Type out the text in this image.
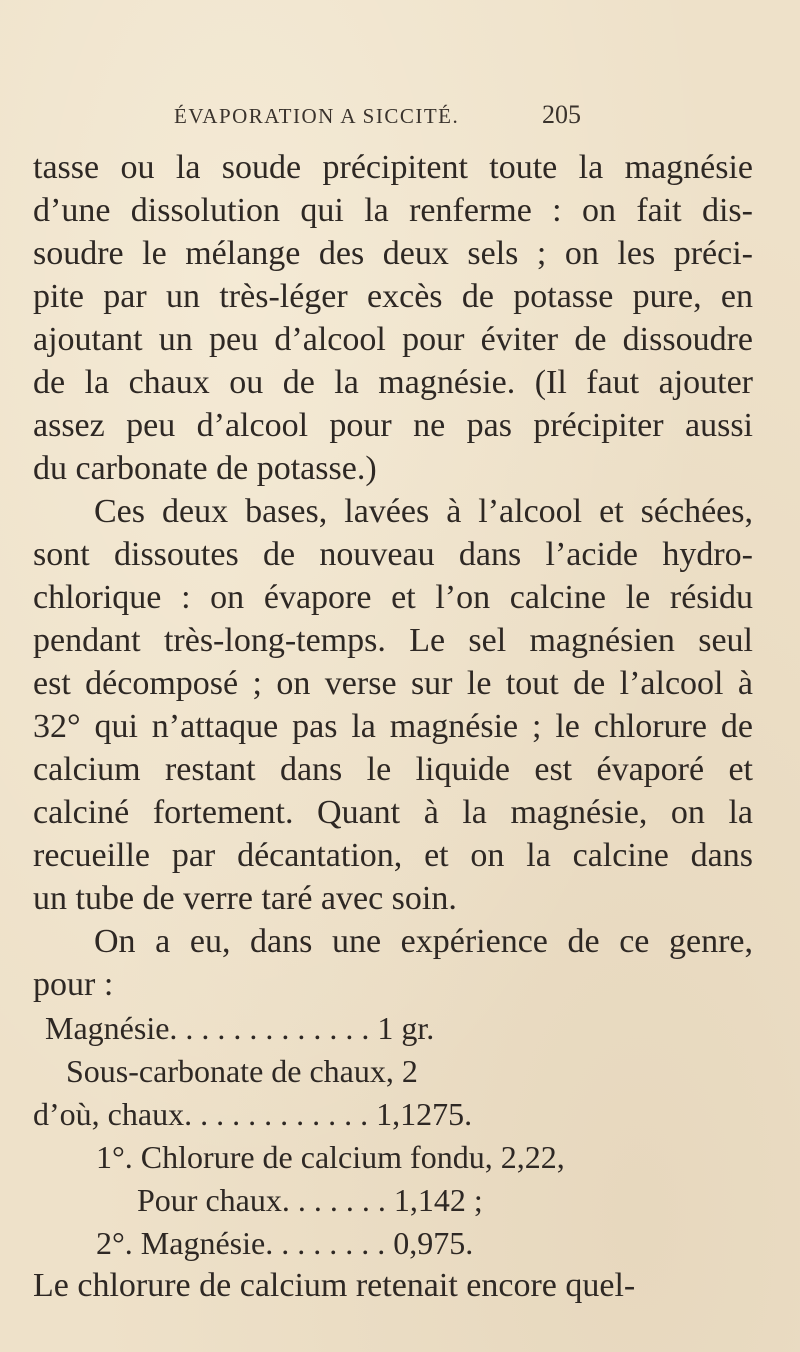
ÉVAPORATION A SICCITÉ.	205
tasse ou la soude précipitent toute la magnésie
d’une dissolution qui la renferme : on fait dis-
soudre le mélange des deux sels ; on les préci-
pite par un très-léger excès de potasse pure, en
ajoutant un peu d’alcool pour éviter de dissoudre
de la chaux ou de la magnésie. (Il faut ajouter
assez peu d’alcool pour ne pas précipiter aussi
du carbonate de potasse.)
Ces deux bases, lavées à l’alcool et séchées,
sont dissoutes de nouveau dans l’acide hydro-
chlorique : on évapore et l’on calcine le résidu
pendant très-long-temps. Le sel magnésien seul
est décomposé ; on verse sur le tout de l’alcool à
32° qui n’attaque pas la magnésie ; le chlorure de
calcium restant dans le liquide est évaporé et
calciné fortement. Quant à la magnésie, on la
recueille par décantation, et on la calcine dans
un tube de verre taré avec soin.
On a eu, dans une expérience de ce genre,
pour :
Magnésie. . . . . . . . . . . . . 1 gr.
Sous-carbonate de chaux, 2
d’où, chaux. . . . . . . . . . . . 1,1275.
1°. Chlorure de calcium fondu, 2,22,
Pour chaux. . . . . . . 1,142 ;
2°. Magnésie. . . . . . . . 0,975.
Le chlorure de calcium retenait encore quel-
